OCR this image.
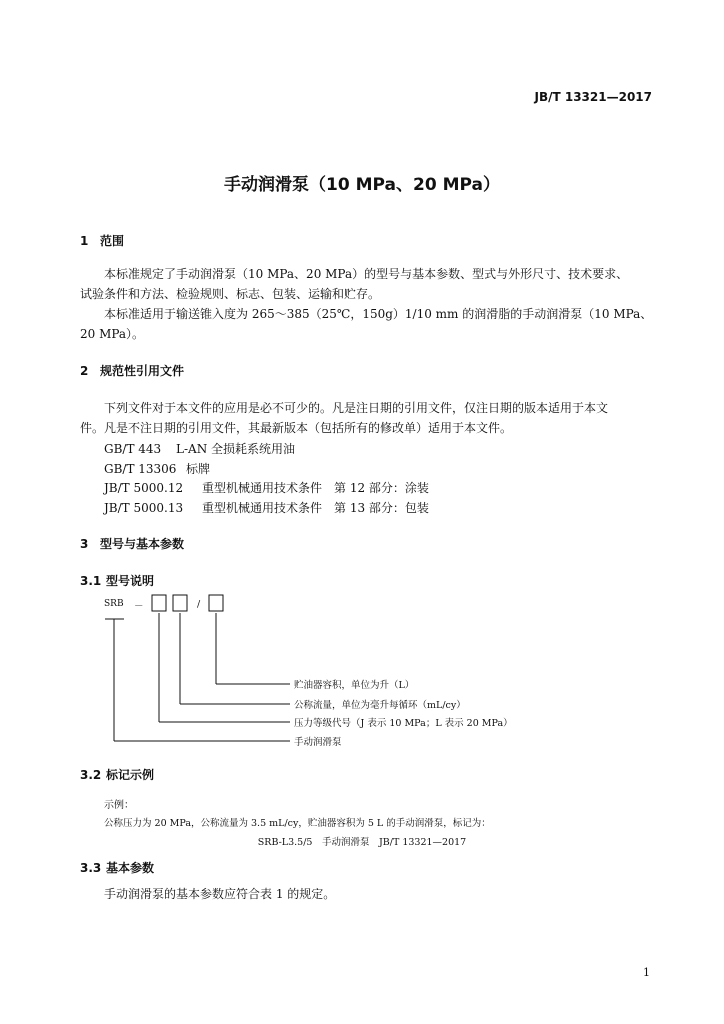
JB/T 13321—2017
手动润滑泵（10 MPa、20 MPa）
1 范围
本标准规定了手动润滑泵（10 MPa、20 MPa）的型号与基本参数、型式与外形尺寸、技术要求、
试验条件和方法、检验规则、标志、包装、运输和贮存。
本标准适用于输送锥入度为 265～385（25℃，150g）1/10 mm 的润滑脂的手动润滑泵（10 MPa、
20 MPa）。
2 规范性引用文件
下列文件对于本文件的应用是必不可少的。凡是注日期的引用文件，仅注日期的版本适用于本文
件。凡是不注日期的引用文件，其最新版本（包括所有的修改单）适用于本文件。
GB/T 443 L-AN 全损耗系统用油
GB/T 13306 标牌
JB/T 5000.12 重型机械通用技术条件　第 12 部分：涂装
JB/T 5000.13 重型机械通用技术条件　第 13 部分：包装
3 型号与基本参数
3.1 型号说明
SRB －	/
贮油器容积，单位为升（L）
公称流量，单位为毫升每循环（mL/cy）
压力等级代号（J 表示 10 MPa；L 表示 20 MPa）
手动润滑泵
3.2 标记示例
示例：
公称压力为 20 MPa，公称流量为 3.5 mL/cy，贮油器容积为 5 L 的手动润滑泵，标记为：
SRB-L3.5/5　手动润滑泵　JB/T 13321—2017
3.3 基本参数
手动润滑泵的基本参数应符合表 1 的规定。
1
